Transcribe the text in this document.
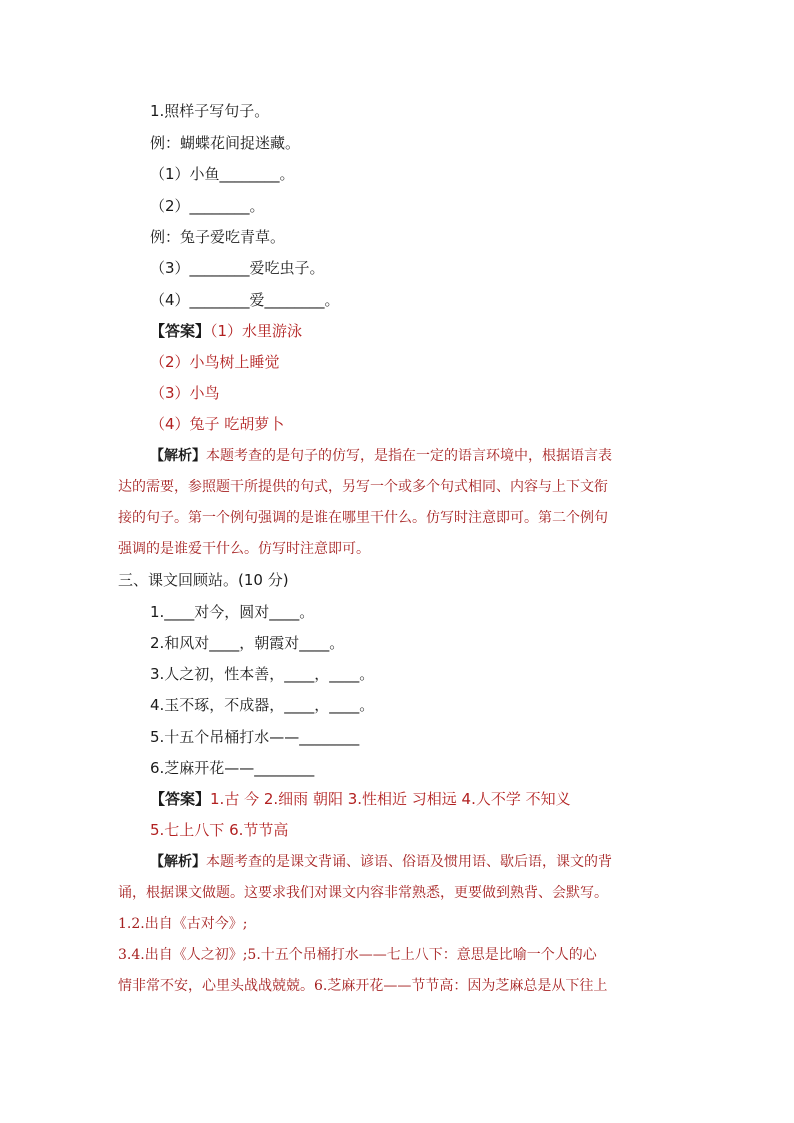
1.照样子写句子。
例：蝴蝶花间捉迷藏。
（1）小鱼________。
（2）________。
例：兔子爱吃青草。
（3）________爱吃虫子。
（4）________爱________。
【答案】（1）水里游泳
（2）小鸟树上睡觉
（3）小鸟
（4）兔子 吃胡萝卜
【解析】本题考查的是句子的仿写，是指在一定的语言环境中，根据语言表
达的需要，参照题干所提供的句式，另写一个或多个句式相同、内容与上下文衔
接的句子。第一个例句强调的是谁在哪里干什么。仿写时注意即可。第二个例句
强调的是谁爱干什么。仿写时注意即可。
三、课文回顾站。(10 分)
1.____对今，圆对____。
2.和风对____，朝霞对____。
3.人之初，性本善，____，____。
4.玉不琢，不成器，____，____。
5.十五个吊桶打水——________
6.芝麻开花——________
【答案】1.古 今 2.细雨 朝阳 3.性相近 习相远 4.人不学 不知义
5.七上八下 6.节节高
【解析】本题考查的是课文背诵、谚语、俗语及惯用语、歇后语，课文的背
诵，根据课文做题。这要求我们对课文内容非常熟悉，更要做到熟背、会默写。
1.2.出自《古对今》;
3.4.出自《人之初》;5.十五个吊桶打水——七上八下：意思是比喻一个人的心
情非常不安，心里头战战兢兢。6.芝麻开花——节节高：因为芝麻总是从下往上
